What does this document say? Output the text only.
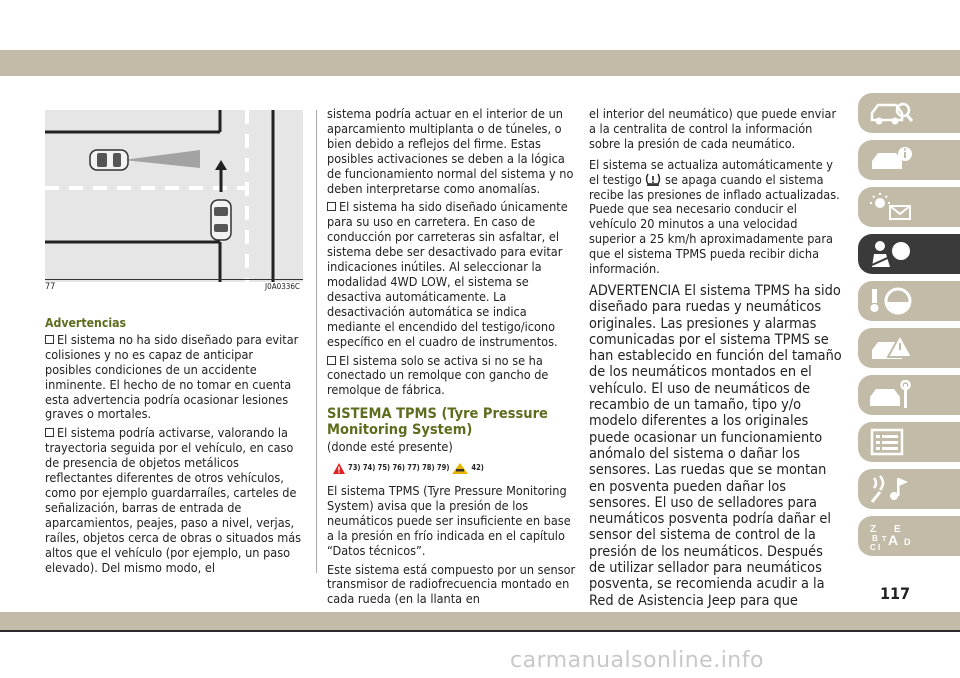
77	J0A0336C
Advertencias

El sistema no ha sido diseñado para evitar colisiones y no es capaz de anticipar posibles condiciones de un accidente inminente. El hecho de no tomar en cuenta esta advertencia podría ocasionar lesiones graves o mortales.

El sistema podría activarse, valorando la trayectoria seguida por el vehículo, en caso de presencia de objetos metálicos reflectantes diferentes de otros vehículos, como por ejemplo guardarraíles, carteles de señalización, barras de entrada de aparcamientos, peajes, paso a nivel, verjas, raíles, objetos cerca de obras o situados más altos que el vehículo (por ejemplo, un paso elevado). Del mismo modo, el

sistema podría actuar en el interior de un aparcamiento multiplanta o de túneles, o bien debido a reflejos del firme. Estas posibles activaciones se deben a la lógica de funcionamiento normal del sistema y no deben interpretarse como anomalías.

El sistema ha sido diseñado únicamente para su uso en carretera. En caso de conducción por carreteras sin asfaltar, el sistema debe ser desactivado para evitar indicaciones inútiles. Al seleccionar la modalidad 4WD LOW, el sistema se desactiva automáticamente. La desactivación automática se indica mediante el encendido del testigo/icono específico en el cuadro de instrumentos.

El sistema solo se activa si no se ha conectado un remolque con gancho de remolque de fábrica.

SISTEMA TPMS (Tyre Pressure Monitoring System)
(donde esté presente)
73) 74) 75) 76) 77) 78) 79)	42)

El sistema TPMS (Tyre Pressure Monitoring System) avisa que la presión de los neumáticos puede ser insuficiente en base a la presión en frío indicada en el capítulo “Datos técnicos”.

Este sistema está compuesto por un sensor transmisor de radiofrecuencia montado en cada rueda (en la llanta en

el interior del neumático) que puede enviar a la centralita de control la información sobre la presión de cada neumático.

El sistema se actualiza automáticamente y el testigo se apaga cuando el sistema recibe las presiones de inflado actualizadas. Puede que sea necesario conducir el vehículo 20 minutos a una velocidad superior a 25 km/h aproximadamente para que el sistema TPMS pueda recibir dicha información.

ADVERTENCIA El sistema TPMS ha sido diseñado para ruedas y neumáticos originales. Las presiones y alarmas comunicadas por el sistema TPMS se han establecido en función del tamaño de los neumáticos montados en el vehículo. El uso de neumáticos de recambio de un tamaño, tipo y/o modelo diferentes a los originales puede ocasionar un funcionamiento anómalo del sistema o dañar los sensores. Las ruedas que se montan en posventa pueden dañar los sensores. El uso de selladores para neumáticos posventa podría dañar el sensor del sistema de control de la presión de los neumáticos. Después de utilizar sellador para neumáticos posventa, se recomienda acudir a la Red de Asistencia Jeep para que

Z E
B A
C
D
I
T
117
carmanualsonline.info
